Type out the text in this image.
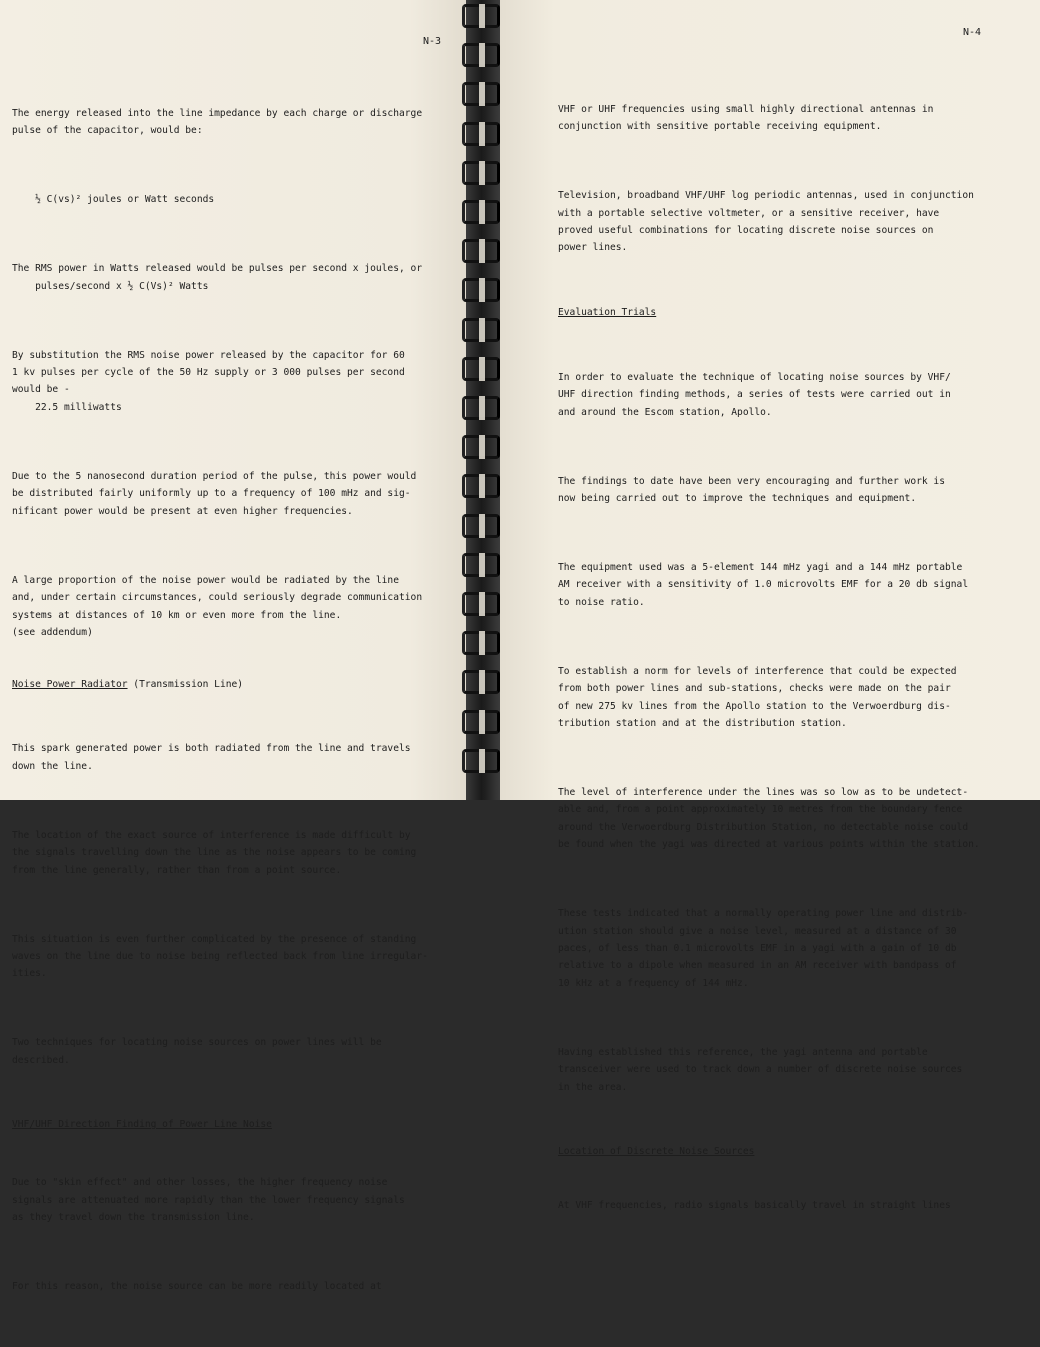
N-3

The energy released into the line impedance by each charge or discharge
pulse of the capacitor, would be:

½ C(vs)² joules or Watt seconds

The RMS power in Watts released would be pulses per second x joules, or
pulses/second x ½ C(Vs)² Watts

By substitution the RMS noise power released by the capacitor for 60
1 kv pulses per cycle of the 50 Hz supply or 3 000 pulses per second
would be -
22.5 milliwatts

Due to the 5 nanosecond duration period of the pulse, this power would
be distributed fairly uniformly up to a frequency of 100 mHz and sig-
nificant power would be present at even higher frequencies.

A large proportion of the noise power would be radiated by the line
and, under certain circumstances, could seriously degrade communication
systems at distances of 10 km or even more from the line.
(see addendum)

Noise Power Radiator (Transmission Line)

This spark generated power is both radiated from the line and travels
down the line.

The location of the exact source of interference is made difficult by
the signals travelling down the line as the noise appears to be coming
from the line generally, rather than from a point source.

This situation is even further complicated by the presence of standing
waves on the line due to noise being reflected back from line irregular-
ities.

Two techniques for locating noise sources on power lines will be
described.

VHF/UHF Direction Finding of Power Line Noise

Due to "skin effect" and other losses, the higher frequency noise
signals are attenuated more rapidly than the lower frequency signals
as they travel down the transmission line.

For this reason, the noise source can be more readily located at

N-4

VHF or UHF frequencies using small highly directional antennas in
conjunction with sensitive portable receiving equipment.

Television, broadband VHF/UHF log periodic antennas, used in conjunction
with a portable selective voltmeter, or a sensitive receiver, have
proved useful combinations for locating discrete noise sources on
power lines.

Evaluation Trials

In order to evaluate the technique of locating noise sources by VHF/
UHF direction finding methods, a series of tests were carried out in
and around the Escom station, Apollo.

The findings to date have been very encouraging and further work is
now being carried out to improve the techniques and equipment.

The equipment used was a 5-element 144 mHz yagi and a 144 mHz portable
AM receiver with a sensitivity of 1.0 microvolts EMF for a 20 db signal
to noise ratio.

To establish a norm for levels of interference that could be expected
from both power lines and sub-stations, checks were made on the pair
of new 275 kv lines from the Apollo station to the Verwoerdburg dis-
tribution station and at the distribution station.

The level of interference under the lines was so low as to be undetect-
able and, from a point approximately 10 metres from the boundary fence
around the Verwoerdburg Distribution Station, no detectable noise could
be found when the yagi was directed at various points within the station.

These tests indicated that a normally operating power line and distrib-
ution station should give a noise level, measured at a distance of 30
paces, of less than 0.1 microvolts EMF in a yagi with a gain of 10 db
relative to a dipole when measured in an AM receiver with bandpass of
10 kHz at a frequency of 144 mHz.

Having established this reference, the yagi antenna and portable
transceiver were used to track down a number of discrete noise sources
in the area.

Location of Discrete Noise Sources

At VHF frequencies, radio signals basically travel in straight lines
